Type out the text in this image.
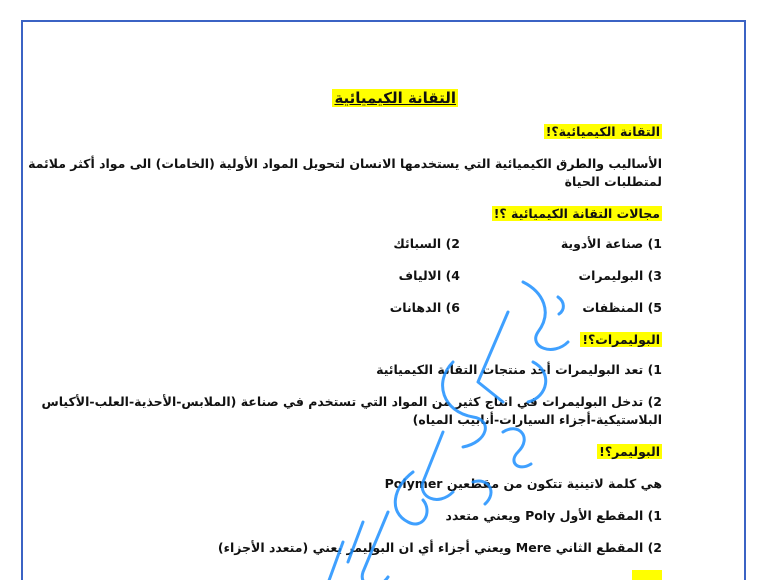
التقانة الكيميائية
التقانة الكيميائية؟!
الأساليب والطرق الكيميائية التي يستخدمها الانسان لتحويل المواد الأولية (الخامات) الى مواد أكثر ملائمة
لمتطلبات الحياة
مجالات التقانة الكيميائية ؟!
1) صناعة الأدوية
2) السبائك
3) البوليمرات
4) الالياف
5) المنظفات
6) الدهانات
البوليمرات؟!
1) تعد البوليمرات أحد منتجات التقانة الكيميائية
2) تدخل البوليمرات في انتاج كثير من المواد التي تستخدم في صناعة (الملابس-الأحذية-العلب-الأكياس
البلاستيكية-أجزاء السيارات-أنابيب المياه)
البوليمر؟!
هي كلمة لاتينية تتكون من مقطعين Polymer
1) المقطع الأول Poly ويعني متعدد
2) المقطع الثاني Mere ويعني أجزاء أي ان البوليمر يعني (متعدد الأجزاء)
